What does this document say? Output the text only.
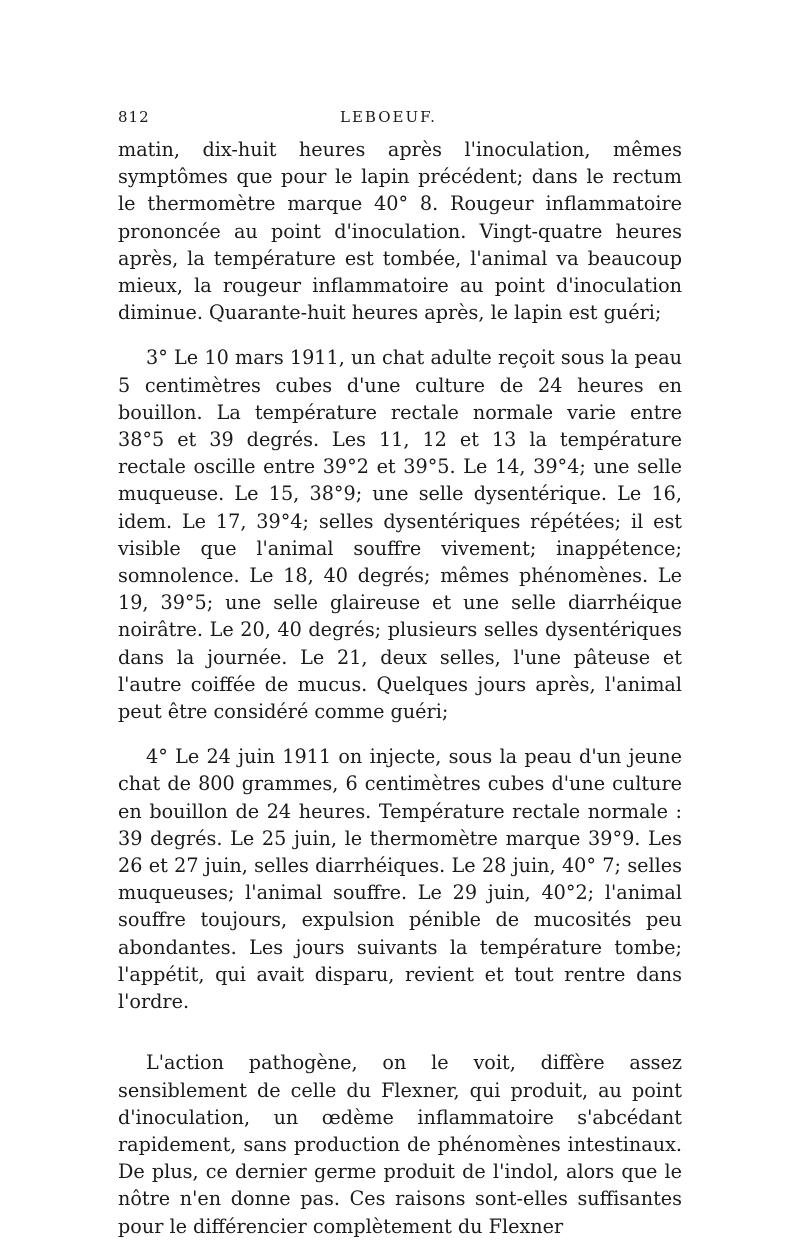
812	LEBOEUF.

matin, dix-huit heures après l'inoculation, mêmes symptômes que pour le lapin précédent; dans le rectum le thermomètre marque 40° 8. Rougeur inflammatoire prononcée au point d'inoculation. Vingt-quatre heures après, la température est tombée, l'animal va beaucoup mieux, la rougeur inflammatoire au point d'inoculation diminue. Quarante-huit heures après, le lapin est guéri;

3° Le 10 mars 1911, un chat adulte reçoit sous la peau 5 centimètres cubes d'une culture de 24 heures en bouillon. La température rectale normale varie entre 38°5 et 39 degrés. Les 11, 12 et 13 la température rectale oscille entre 39°2 et 39°5. Le 14, 39°4; une selle muqueuse. Le 15, 38°9; une selle dysentérique. Le 16, idem. Le 17, 39°4; selles dysentériques répétées; il est visible que l'animal souffre vivement; inappétence; somnolence. Le 18, 40 degrés; mêmes phénomènes. Le 19, 39°5; une selle glaireuse et une selle diarrhéique noirâtre. Le 20, 40 degrés; plusieurs selles dysentériques dans la journée. Le 21, deux selles, l'une pâteuse et l'autre coiffée de mucus. Quelques jours après, l'animal peut être considéré comme guéri;

4° Le 24 juin 1911 on injecte, sous la peau d'un jeune chat de 800 grammes, 6 centimètres cubes d'une culture en bouillon de 24 heures. Température rectale normale : 39 degrés. Le 25 juin, le thermomètre marque 39°9. Les 26 et 27 juin, selles diarrhéiques. Le 28 juin, 40° 7; selles muqueuses; l'animal souffre. Le 29 juin, 40°2; l'animal souffre toujours, expulsion pénible de mucosités peu abondantes. Les jours suivants la température tombe; l'appétit, qui avait disparu, revient et tout rentre dans l'ordre.

L'action pathogène, on le voit, diffère assez sensiblement de celle du Flexner, qui produit, au point d'inoculation, un œdème inflammatoire s'abcédant rapidement, sans production de phénomènes intestinaux. De plus, ce dernier germe produit de l'indol, alors que le nôtre n'en donne pas. Ces raisons sont-elles suffisantes pour le différencier complètement du Flexner
